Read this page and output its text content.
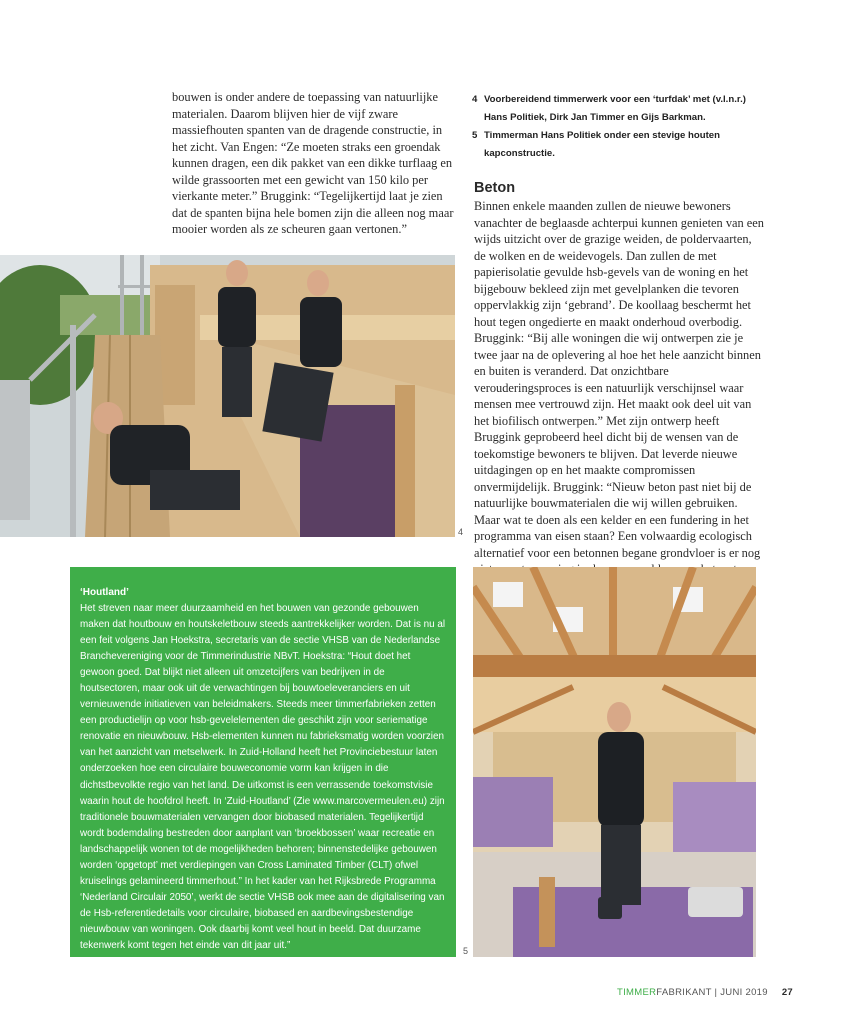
bouwen is onder andere de toepassing van natuurlijke materialen. Daarom blijven hier de vijf zware massiefhouten spanten van de dragende constructie, in het zicht. Van Engen: “Ze moeten straks een groendak kunnen dragen, een dik pakket van een dikke turflaag en wilde grassoorten met een gewicht van 150 kilo per vierkante meter.” Bruggink: “Tegelijkertijd laat je zien dat de spanten bijna hele bomen zijn die alleen nog maar mooier worden als ze scheuren gaan vertonen.”

4 Voorbereidend timmerwerk voor een ‘turfdak’ met (v.l.n.r.) Hans Politiek, Dirk Jan Timmer en Gijs Barkman.
5 Timmerman Hans Politiek onder een stevige houten kapconstructie.
Beton

Binnen enkele maanden zullen de nieuwe bewoners vanachter de beglaasde achterpui kunnen genieten van een wijds uitzicht over de grazige weiden, de poldervaarten, de wolken en de weidevogels. Dan zullen de met papierisolatie gevulde hsb-gevels van de woning en het bijgebouw bekleed zijn met gevelplanken die tevoren oppervlakkig zijn ‘gebrand’. De koollaag beschermt het hout tegen ongedierte en maakt onderhoud overbodig. Bruggink: “Bij alle woningen die wij ontwerpen zie je twee jaar na de oplevering al hoe het hele aanzicht binnen en buiten is veranderd. Dat onzichtbare verouderingsproces is een natuurlijk verschijnsel waar mensen mee vertrouwd zijn. Het maakt ook deel uit van het biofilisch ontwerpen.” Met zijn ontwerp heeft Bruggink geprobeerd heel dicht bij de wensen van de toekomstige bewoners te blijven. Dat leverde nieuwe uitdagingen op en het maakte compromissen onvermijdelijk. Bruggink: “Nieuw beton past niet bij de natuurlijke bouwmaterialen die wij willen gebruiken. Maar wat te doen als een kelder en een fundering in het programma van eisen staan? Een volwaardig ecologisch alternatief voor een betonnen begane grondvloer is er nog

4

‘Houtland’

Het streven naar meer duurzaamheid en het bouwen van gezonde gebouwen maken dat houtbouw en houtskeletbouw steeds aantrekkelijker worden. Dat is nu al een feit volgens Jan Hoekstra, secretaris van de sectie VHSB van de Nederlandse Branchevereniging voor de Timmerindustrie NBvT. Hoekstra: “Hout doet het gewoon goed. Dat blijkt niet alleen uit omzetcijfers van bedrijven in de houtsectoren, maar ook uit de verwachtingen bij bouwtoeleveranciers en uit vernieuwende initiatieven van beleidmakers. Steeds meer timmerfabrieken zetten een productielijn op voor hsb-gevelelementen die geschikt zijn voor seriematige renovatie en nieuwbouw. Hsb-elementen kunnen nu fabrieksmatig worden voorzien van het aanzicht van metselwerk. In Zuid-Holland heeft het Provinciebestuur laten onderzoeken hoe een circulaire bouweconomie vorm kan krijgen in die dichtstbevolkte regio van het land. De uitkomst is een verrassende toekomstvisie waarin hout de hoofdrol heeft. In ‘Zuid-Houtland’ (Zie www.marcovermeulen.eu) zijn traditionele bouwmaterialen vervangen door biobased materialen. Tegelijkertijd wordt bodemdaling bestreden door aanplant van ‘broekbossen’ waar recreatie en landschappelijk wonen tot de mogelijkheden behoren; binnenstedelijke gebouwen worden ‘opgetopt’ met verdiepingen van Cross Laminated Timber (CLT) ofwel kruiselings gelamineerd timmerhout.” In het kader van het Rijksbrede Programma ‘Nederland Circulair 2050’, werkt de sectie VHSB ook mee aan de digitalisering van de Hsb-referentiedetails voor circulaire, biobased en aardbevingsbestendige nieuwbouw van woningen. Ook daarbij komt veel hout in beeld. Dat duurzame tekenwerk komt tegen het einde van dit jaar uit.”

5
TIMMERFABRIKANT | JUNI 2019 27
